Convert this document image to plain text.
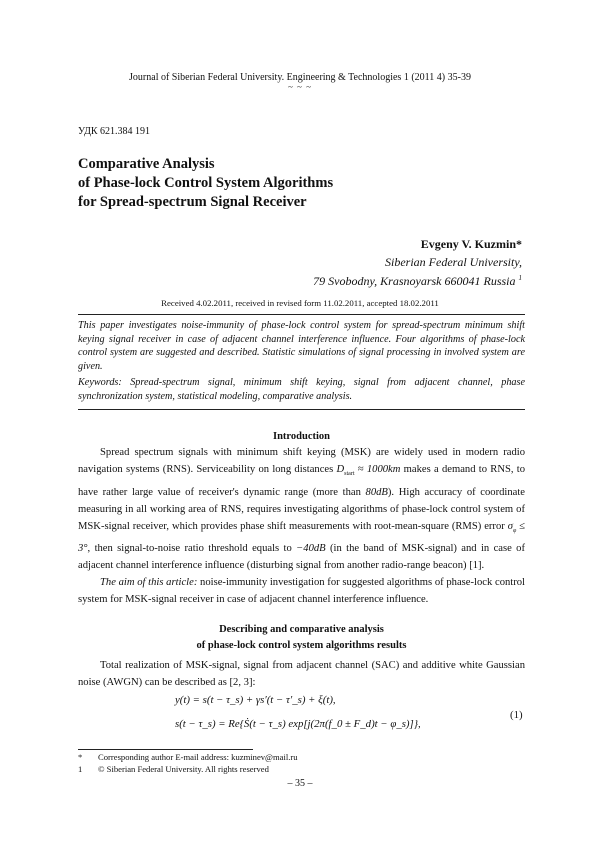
Journal of Siberian Federal University. Engineering & Technologies 1 (2011 4) 35-39
~ ~ ~
УДК 621.384 191
Comparative Analysis
of Phase-lock Control System Algorithms
for Spread-spectrum Signal Receiver
Evgeny V. Kuzmin*
Siberian Federal University,
79 Svobodny, Krasnoyarsk 660041 Russia $^1$
Received 4.02.2011, received in revised form 11.02.2011, accepted 18.02.2011
This paper investigates noise-immunity of phase-lock control system for spread-spectrum minimum shift keying signal receiver in case of adjacent channel interference influence. Four algorithms of phase-lock control system are suggested and described. Statistic simulations of signal processing in involved system are given.
Keywords: Spread-spectrum signal, minimum shift keying, signal from adjacent channel, phase synchronization system, statistical modeling, comparative analysis.
Introduction
Spread spectrum signals with minimum shift keying (MSK) are widely used in modern radio navigation systems (RNS). Serviceability on long distances $D_{start} \approx 1000km$ makes a demand to RNS, to have rather large value of receiver's dynamic range (more than 80dB). High accuracy of coordinate measuring in all working area of RNS, requires investigating algorithms of phase-lock control system of MSK-signal receiver, which provides phase shift measurements with root-mean-square (RMS) error $\sigma_\varphi \le 3^\circ$, then signal-to-noise ratio threshold equals to −40dB (in the band of MSK-signal) and in case of adjacent channel interference influence (disturbing signal from another radio-range beacon) [1].
The aim of this article: noise-immunity investigation for suggested algorithms of phase-lock control system for MSK-signal receiver in case of adjacent channel interference influence.
Describing and comparative analysis
of phase-lock control system algorithms results
Total realization of MSK-signal, signal from adjacent channel (SAC) and additive white Gaussian noise (AWGN) can be described as [2, 3]:
y(t) = s(t − τ_s) + γs′(t − τ′_s) + ξ(t),
s(t − τ_s) = Re{Ṡ(t − τ_s) exp[j(2π(f_0 ± F_d)t − φ_s)]},
(1)
* Corresponding author E-mail address: kuzminev@mail.ru
1 © Siberian Federal University. All rights reserved
– 35 –
